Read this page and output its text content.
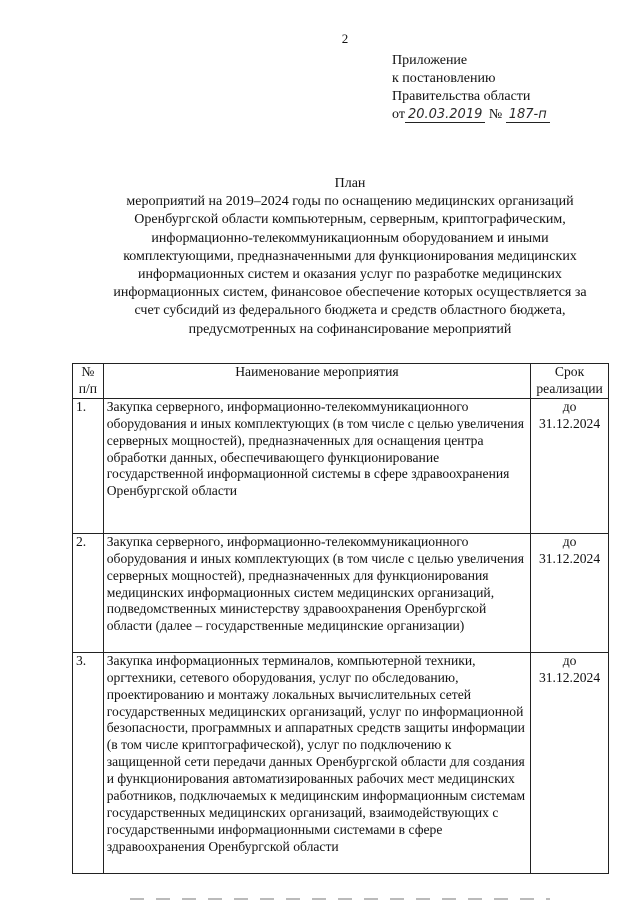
2
Приложение
к постановлению
Правительства области
от 20.03.2019 № 187-п
План
мероприятий на 2019–2024 годы по оснащению медицинских организаций Оренбургской области компьютерным, серверным, криптографическим, информационно-телекоммуникационным оборудованием и иными комплектующими, предназначенными для функционирования медицинских информационных систем и оказания услуг по разработке медицинских информационных систем, финансовое обеспечение которых осуществляется за счет субсидий из федерального бюджета и средств областного бюджета, предусмотренных на софинансирование мероприятий
№ п/п	Наименование мероприятия	Срок реализации
1.	Закупка серверного, информационно-телекоммуникационного оборудования и иных комплектующих (в том числе с целью увеличения серверных мощностей), предназначенных для оснащения центра обработки данных, обеспечивающего функционирование государственной информационной системы в сфере здравоохранения Оренбургской области	до 31.12.2024
2.	Закупка серверного, информационно-телекоммуникационного оборудования и иных комплектующих (в том числе с целью увеличения серверных мощностей), предназначенных для функционирования медицинских информационных систем медицинских организаций, подведомственных министерству здравоохранения Оренбургской области (далее – государственные медицинские организации)	до 31.12.2024
3.	Закупка информационных терминалов, компьютерной техники, оргтехники, сетевого оборудования, услуг по обследованию, проектированию и монтажу локальных вычислительных сетей государственных медицинских организаций, услуг по информационной безопасности, программных и аппаратных средств защиты информации (в том числе криптографической), услуг по подключению к защищенной сети передачи данных Оренбургской области для создания и функционирования автоматизированных рабочих мест медицинских работников, подключаемых к медицинским информационным системам государственных медицинских организаций, взаимодействующих с государственными информационными системами в сфере здравоохранения Оренбургской области	до 31.12.2024
